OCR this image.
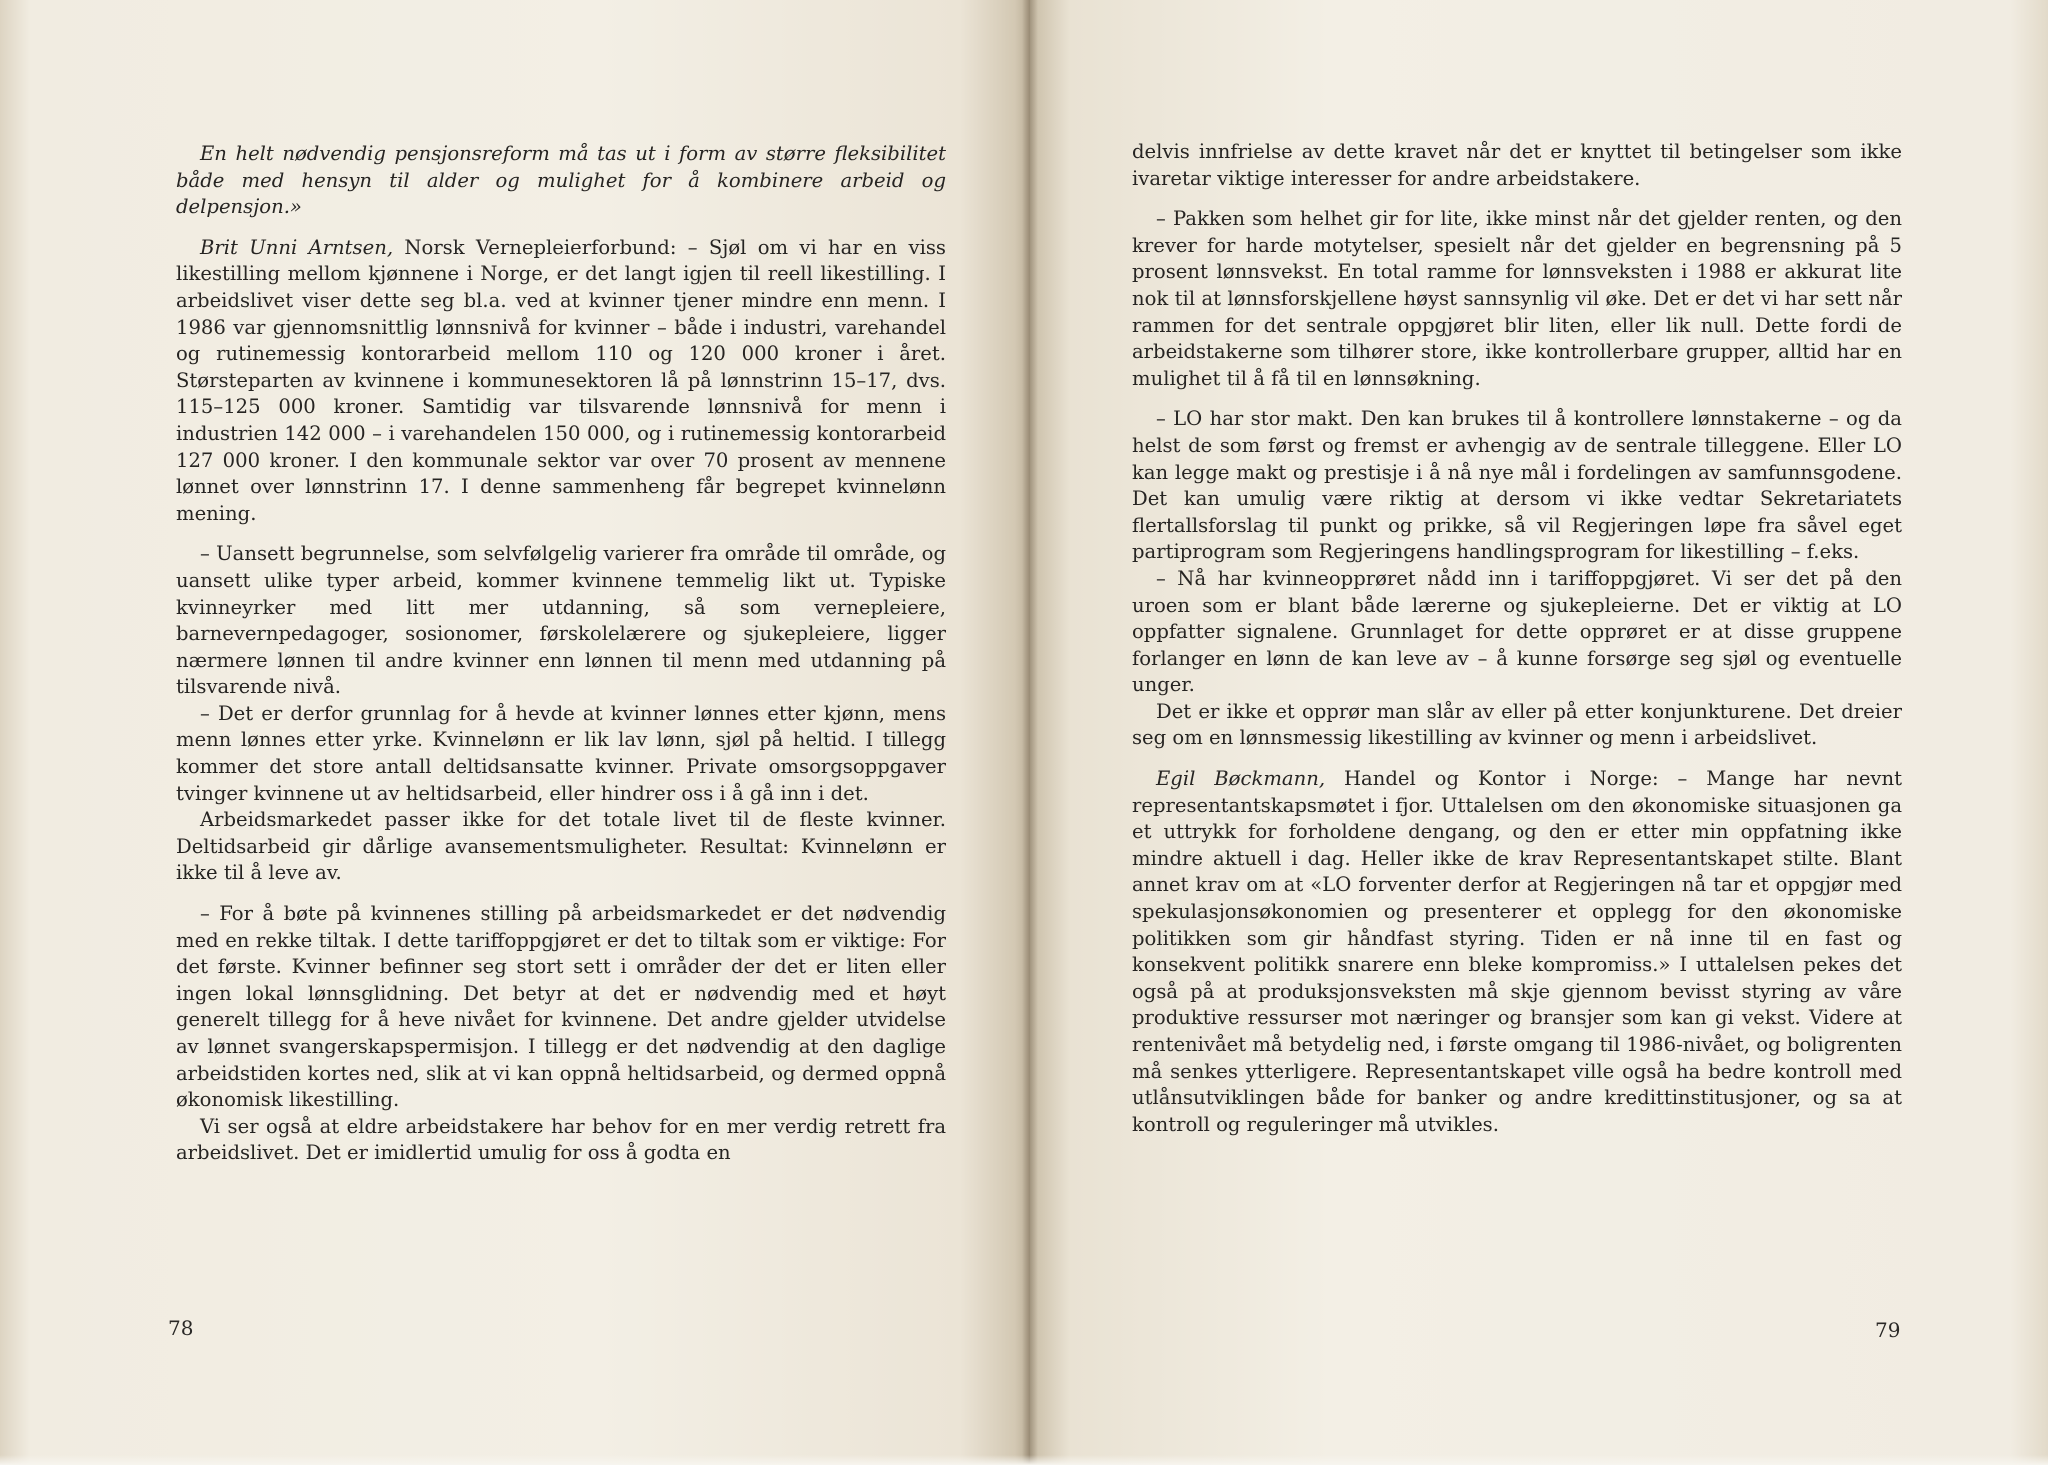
En helt nødvendig pensjonsreform må tas ut i form av større fleksibilitet både med hensyn til alder og mulighet for å kombinere arbeid og delpensjon.»

Brit Unni Arntsen, Norsk Vernepleierforbund: – Sjøl om vi har en viss likestilling mellom kjønnene i Norge, er det langt igjen til reell likestilling. I arbeidslivet viser dette seg bl.a. ved at kvinner tjener mindre enn menn. I 1986 var gjennomsnittlig lønnsnivå for kvinner – både i industri, varehandel og rutinemessig kontorarbeid mellom 110 og 120 000 kroner i året. Størsteparten av kvinnene i kommunesektoren lå på lønnstrinn 15–17, dvs. 115–125 000 kroner. Samtidig var tilsvarende lønnsnivå for menn i industrien 142 000 – i varehandelen 150 000, og i rutinemessig kontorarbeid 127 000 kroner. I den kommunale sektor var over 70 prosent av mennene lønnet over lønnstrinn 17. I denne sammenheng får begrepet kvinnelønn mening.

– Uansett begrunnelse, som selvfølgelig varierer fra område til område, og uansett ulike typer arbeid, kommer kvinnene temmelig likt ut. Typiske kvinneyrker med litt mer utdanning, så som vernepleiere, barnevernpedagoger, sosionomer, førskolelærere og sjukepleiere, ligger nærmere lønnen til andre kvinner enn lønnen til menn med utdanning på tilsvarende nivå.

– Det er derfor grunnlag for å hevde at kvinner lønnes etter kjønn, mens menn lønnes etter yrke. Kvinnelønn er lik lav lønn, sjøl på heltid. I tillegg kommer det store antall deltidsansatte kvinner. Private omsorgsoppgaver tvinger kvinnene ut av heltidsarbeid, eller hindrer oss i å gå inn i det.

Arbeidsmarkedet passer ikke for det totale livet til de fleste kvinner. Deltidsarbeid gir dårlige avansementsmuligheter. Resultat: Kvinnelønn er ikke til å leve av.

– For å bøte på kvinnenes stilling på arbeidsmarkedet er det nødvendig med en rekke tiltak. I dette tariffoppgjøret er det to tiltak som er viktige: For det første. Kvinner befinner seg stort sett i områder der det er liten eller ingen lokal lønnsglidning. Det betyr at det er nødvendig med et høyt generelt tillegg for å heve nivået for kvinnene. Det andre gjelder utvidelse av lønnet svangerskapspermisjon. I tillegg er det nødvendig at den daglige arbeidstiden kortes ned, slik at vi kan oppnå heltidsarbeid, og dermed oppnå økonomisk likestilling.

Vi ser også at eldre arbeidstakere har behov for en mer verdig retrett fra arbeidslivet. Det er imidlertid umulig for oss å godta en

78

delvis innfrielse av dette kravet når det er knyttet til betingelser som ikke ivaretar viktige interesser for andre arbeidstakere.

– Pakken som helhet gir for lite, ikke minst når det gjelder renten, og den krever for harde motytelser, spesielt når det gjelder en begrensning på 5 prosent lønnsvekst. En total ramme for lønnsveksten i 1988 er akkurat lite nok til at lønnsforskjellene høyst sannsynlig vil øke. Det er det vi har sett når rammen for det sentrale oppgjøret blir liten, eller lik null. Dette fordi de arbeidstakerne som tilhører store, ikke kontrollerbare grupper, alltid har en mulighet til å få til en lønnsøkning.

– LO har stor makt. Den kan brukes til å kontrollere lønnstakerne – og da helst de som først og fremst er avhengig av de sentrale tilleggene. Eller LO kan legge makt og prestisje i å nå nye mål i fordelingen av samfunnsgodene. Det kan umulig være riktig at dersom vi ikke vedtar Sekretariatets flertallsforslag til punkt og prikke, så vil Regjeringen løpe fra såvel eget partiprogram som Regjeringens handlingsprogram for likestilling – f.eks.

– Nå har kvinneopprøret nådd inn i tariffoppgjøret. Vi ser det på den uroen som er blant både lærerne og sjukepleierne. Det er viktig at LO oppfatter signalene. Grunnlaget for dette opprøret er at disse gruppene forlanger en lønn de kan leve av – å kunne forsørge seg sjøl og eventuelle unger.

Det er ikke et opprør man slår av eller på etter konjunkturene. Det dreier seg om en lønnsmessig likestilling av kvinner og menn i arbeidslivet.

Egil Bøckmann, Handel og Kontor i Norge: – Mange har nevnt representantskapsmøtet i fjor. Uttalelsen om den økonomiske situasjonen ga et uttrykk for forholdene dengang, og den er etter min oppfatning ikke mindre aktuell i dag. Heller ikke de krav Representantskapet stilte. Blant annet krav om at «LO forventer derfor at Regjeringen nå tar et oppgjør med spekulasjonsøkonomien og presenterer et opplegg for den økonomiske politikken som gir håndfast styring. Tiden er nå inne til en fast og konsekvent politikk snarere enn bleke kompromiss.» I uttalelsen pekes det også på at produksjonsveksten må skje gjennom bevisst styring av våre produktive ressurser mot næringer og bransjer som kan gi vekst. Videre at rentenivået må betydelig ned, i første omgang til 1986-nivået, og boligrenten må senkes ytterligere. Representantskapet ville også ha bedre kontroll med utlånsutviklingen både for banker og andre kredittinstitusjoner, og sa at kontroll og reguleringer må utvikles.

79
